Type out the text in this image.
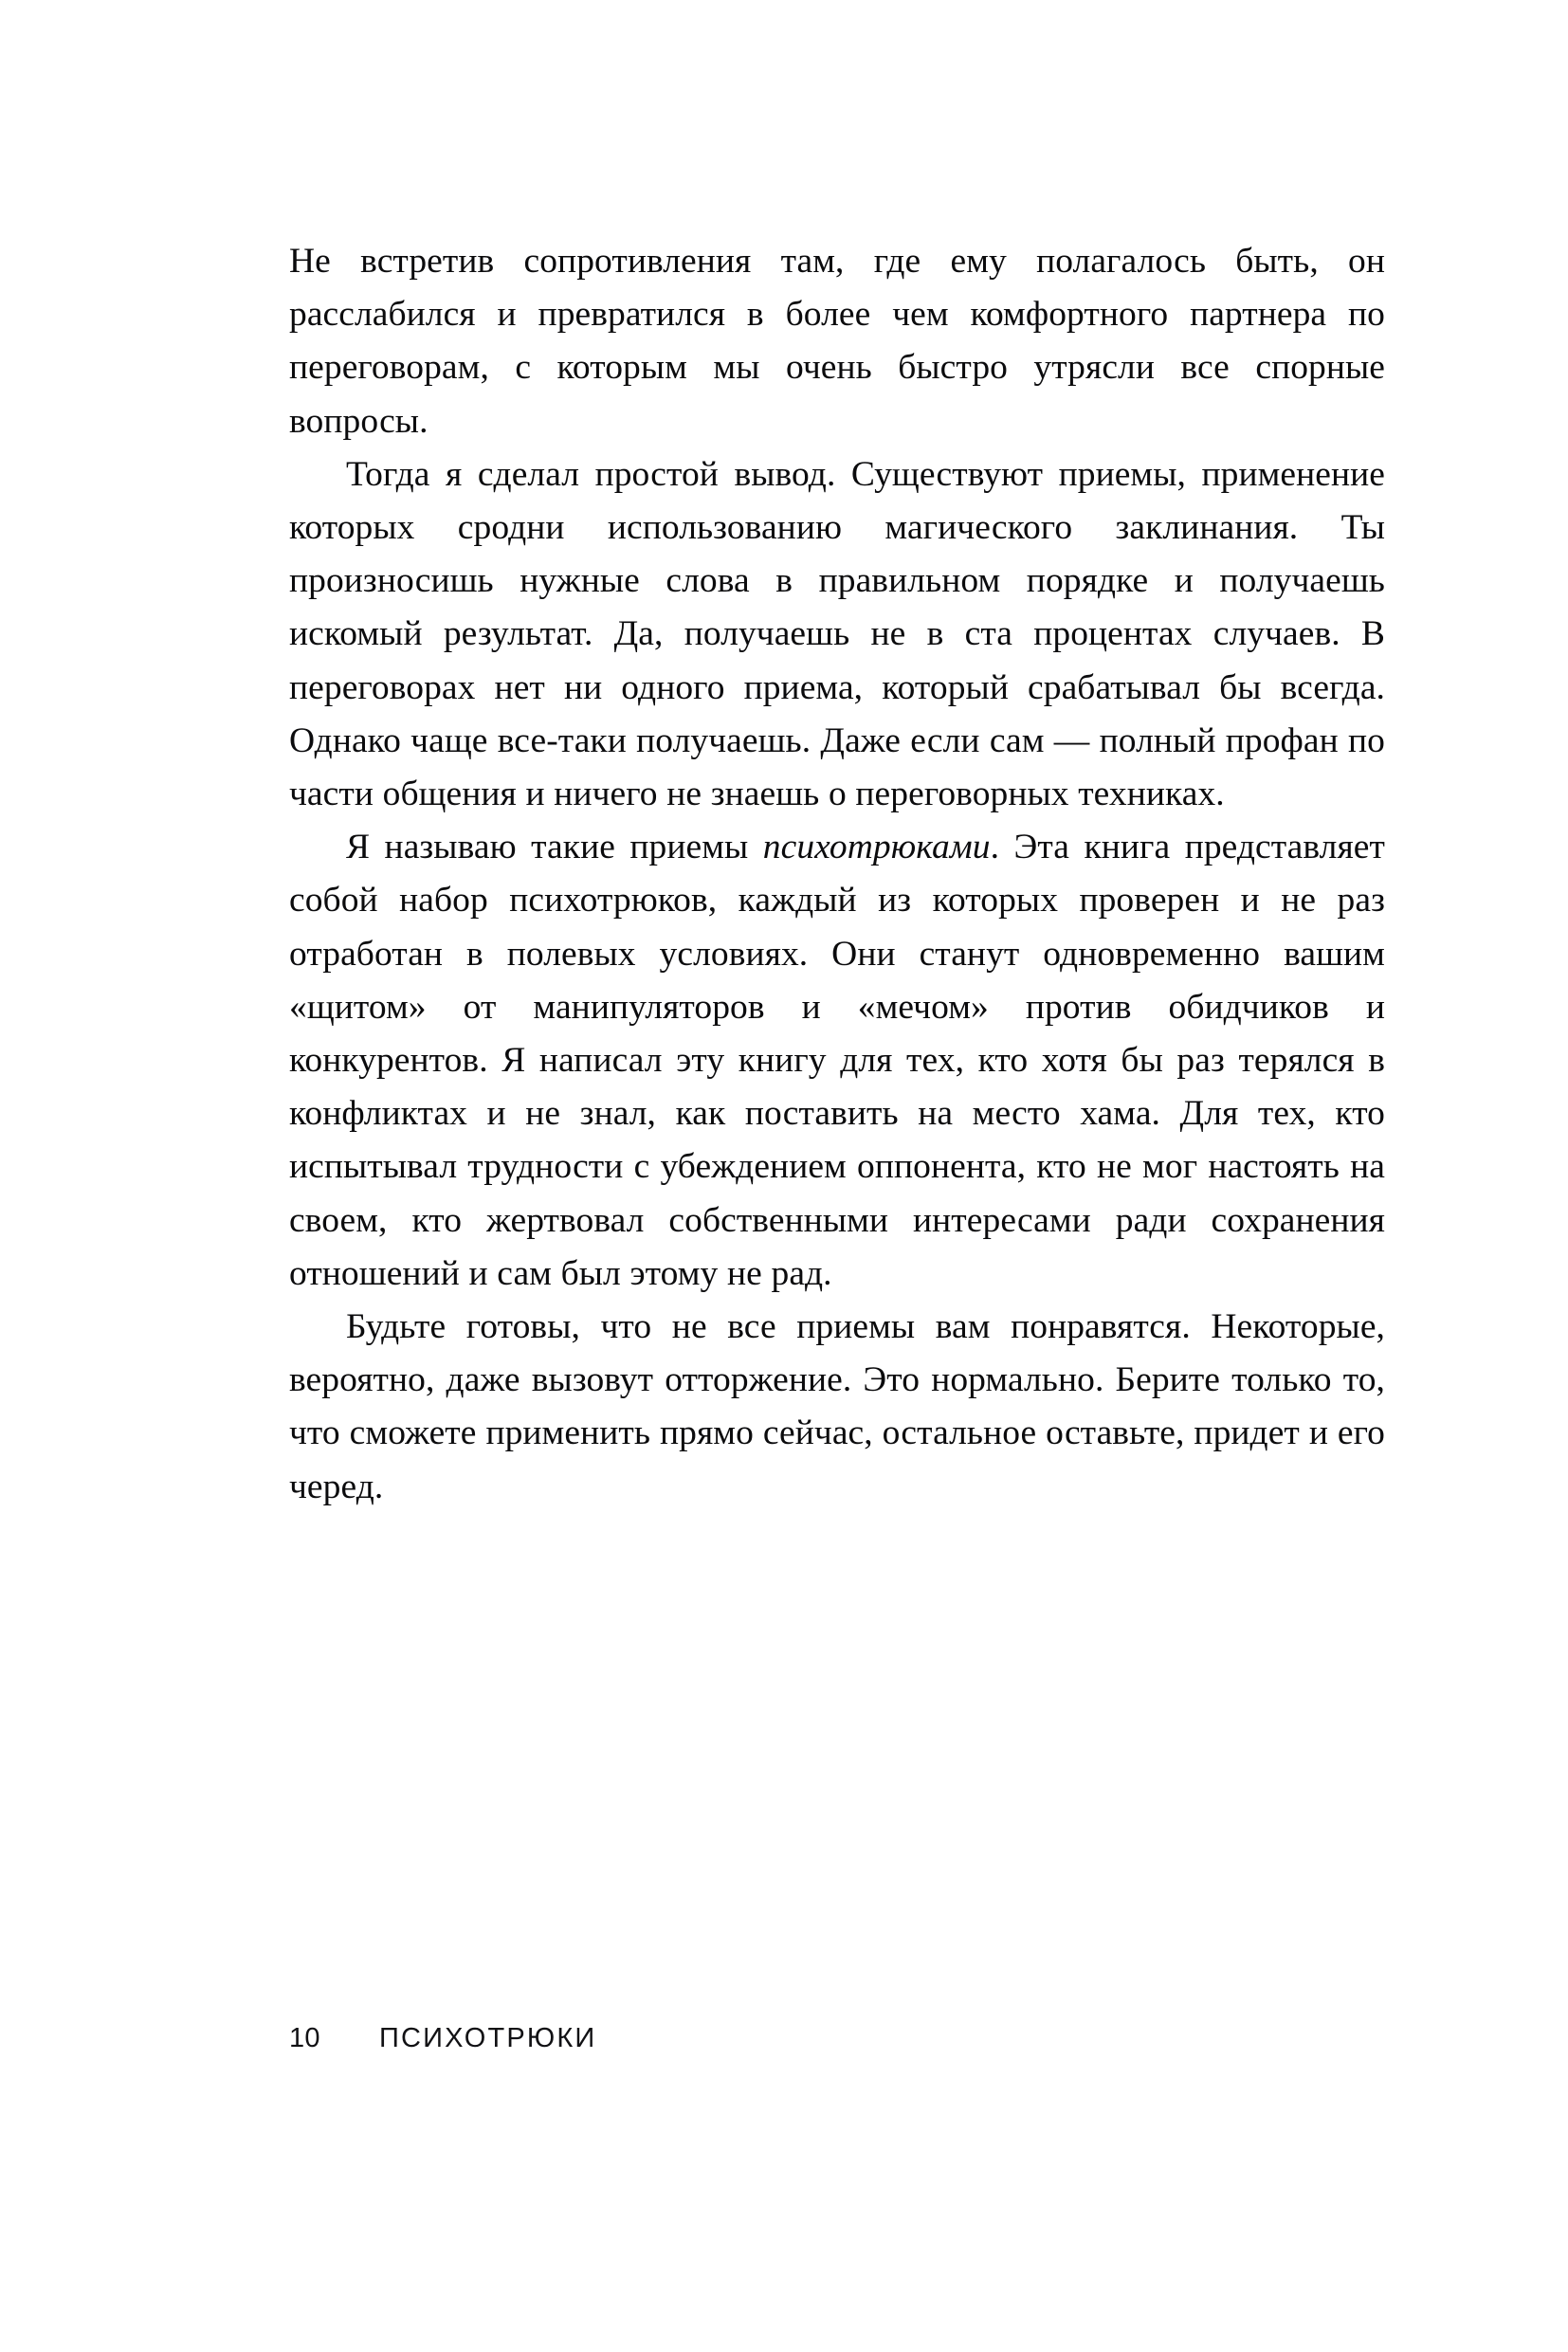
Не встретив сопротивления там, где ему полагалось быть, он расслабился и превратился в более чем комфортного партнера по переговорам, с которым мы очень быстро утрясли все спорные вопросы.

Тогда я сделал простой вывод. Существуют приемы, применение которых сродни использованию магического заклинания. Ты произносишь нужные слова в правильном порядке и получаешь искомый результат. Да, получаешь не в ста процентах случаев. В переговорах нет ни одного приема, который срабатывал бы всегда. Однако чаще все-таки получаешь. Даже если сам — полный профан по части общения и ничего не знаешь о переговорных техниках.

Я называю такие приемы психотрюками. Эта книга представляет собой набор психотрюков, каждый из которых проверен и не раз отработан в полевых условиях. Они станут одновременно вашим «щитом» от манипуляторов и «мечом» против обидчиков и конкурентов. Я написал эту книгу для тех, кто хотя бы раз терялся в конфликтах и не знал, как поставить на место хама. Для тех, кто испытывал трудности с убеждением оппонента, кто не мог настоять на своем, кто жертвовал собственными интересами ради сохранения отношений и сам был этому не рад.

Будьте готовы, что не все приемы вам понравятся. Некоторые, вероятно, даже вызовут отторжение. Это нормально. Берите только то, что сможете применить прямо сейчас, остальное оставьте, придет и его черед.

10	ПСИХОТРЮКИ
